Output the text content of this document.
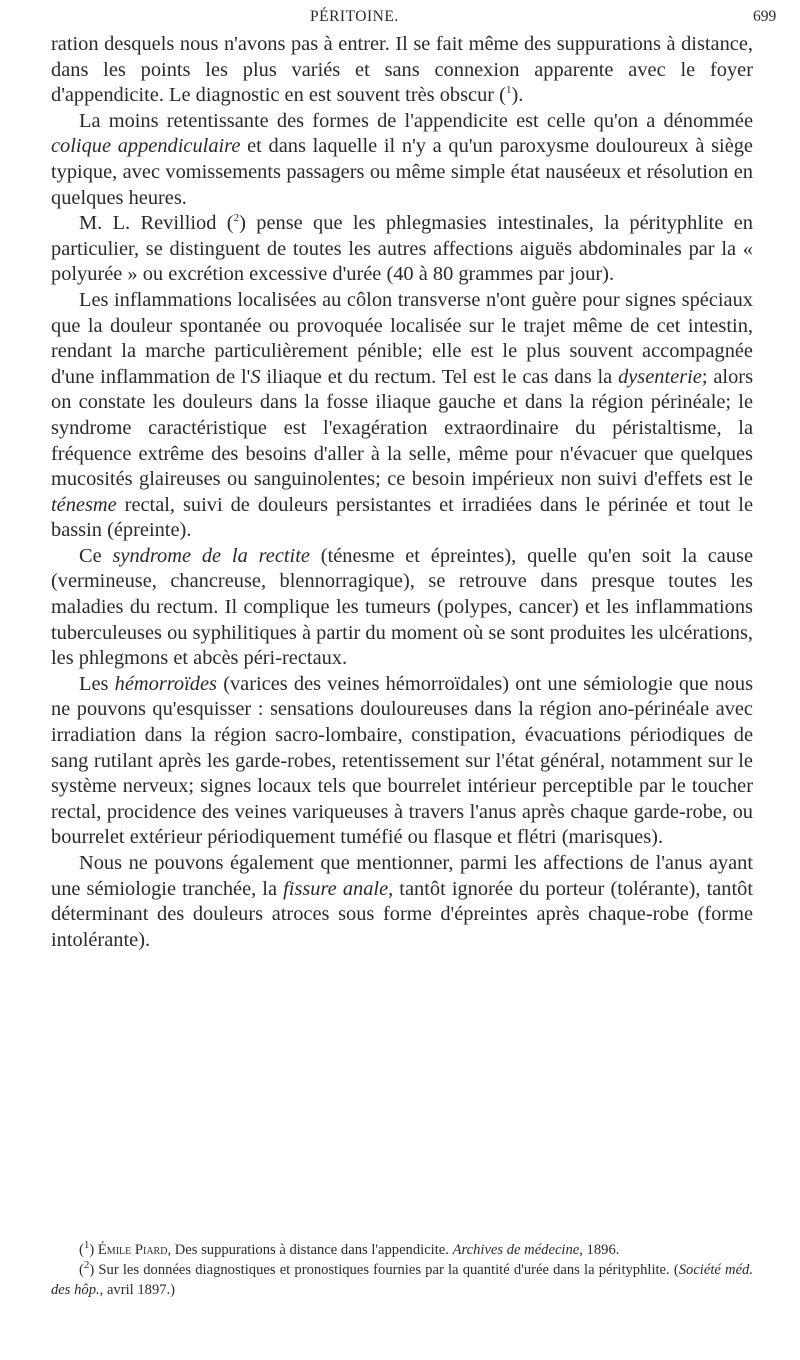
PÉRITOINE.	699

ration desquels nous n'avons pas à entrer. Il se fait même des suppurations à distance, dans les points les plus variés et sans connexion apparente avec le foyer d'appendicite. Le diagnostic en est souvent très obscur ($^1$).

La moins retentissante des formes de l'appendicite est celle qu'on a dénommée colique appendiculaire et dans laquelle il n'y a qu'un paroxysme douloureux à siège typique, avec vomissements passagers ou même simple état nauséeux et résolution en quelques heures.

M. L. Revilliod ($^2$) pense que les phlegmasies intestinales, la pérityphlite en particulier, se distinguent de toutes les autres affections aiguës abdominales par la « polyurée » ou excrétion excessive d'urée (40 à 80 grammes par jour).

Les inflammations localisées au côlon transverse n'ont guère pour signes spéciaux que la douleur spontanée ou provoquée localisée sur le trajet même de cet intestin, rendant la marche particulièrement pénible; elle est le plus souvent accompagnée d'une inflammation de l'S iliaque et du rectum. Tel est le cas dans la dysenterie; alors on constate les douleurs dans la fosse iliaque gauche et dans la région périnéale; le syndrome caractéristique est l'exagération extraordinaire du péristaltisme, la fréquence extrême des besoins d'aller à la selle, même pour n'évacuer que quelques mucosités glaireuses ou sanguinolentes; ce besoin impérieux non suivi d'effets est le ténesme rectal, suivi de douleurs persistantes et irradiées dans le périnée et tout le bassin (épreinte).

Ce syndrome de la rectite (ténesme et épreintes), quelle qu'en soit la cause (vermineuse, chancreuse, blennorragique), se retrouve dans presque toutes les maladies du rectum. Il complique les tumeurs (polypes, cancer) et les inflammations tuberculeuses ou syphilitiques à partir du moment où se sont produites les ulcérations, les phlegmons et abcès péri-rectaux.

Les hémorroïdes (varices des veines hémorroïdales) ont une sémiologie que nous ne pouvons qu'esquisser : sensations douloureuses dans la région ano-périnéale avec irradiation dans la région sacro-lombaire, constipation, évacuations périodiques de sang rutilant après les garde-robes, retentissement sur l'état général, notamment sur le système nerveux; signes locaux tels que bourrelet intérieur perceptible par le toucher rectal, procidence des veines variqueuses à travers l'anus après chaque garde-robe, ou bourrelet extérieur périodiquement tuméfié ou flasque et flétri (marisques).

Nous ne pouvons également que mentionner, parmi les affections de l'anus ayant une sémiologie tranchée, la fissure anale, tantôt ignorée du porteur (tolérante), tantôt déterminant des douleurs atroces sous forme d'épreintes après chaque-robe (forme intolérante).

($^1$) Émile Piard, Des suppurations à distance dans l'appendicite. Archives de médecine, 1896.

($^2$) Sur les données diagnostiques et pronostiques fournies par la quantité d'urée dans la pérityphlite. (Société méd. des hôp., avril 1897.)
